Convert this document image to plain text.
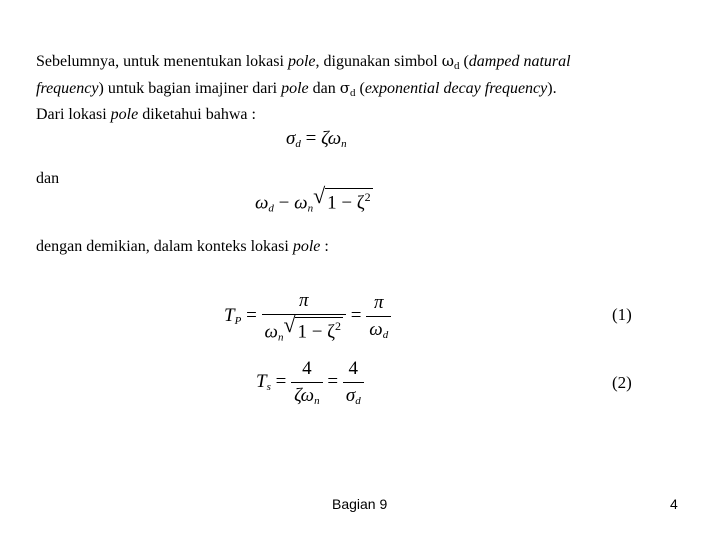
Sebelumnya, untuk menentukan lokasi pole, digunakan simbol $\omega_d$ (damped natural

frequency) untuk bagian imajiner dari pole dan $\sigma_d$ (exponential decay frequency).

Dari lokasi pole diketahui bahwa :

$\sigma_d = \zeta\omega_n$
dan
$\omega_d - \omega_n$
√ $1 - \zeta^2$
dengan demikian, dalam konteks lokasi pole :
$T_P = \pi$
$\omega_n$
√ $1 - \zeta^2 = \frac{\pi}{\omega_d}$	(1)
$T_s = \frac{4}{\zeta\omega_n} = \frac{4}{\sigma_d}$	(2)
Bagian 9	4
